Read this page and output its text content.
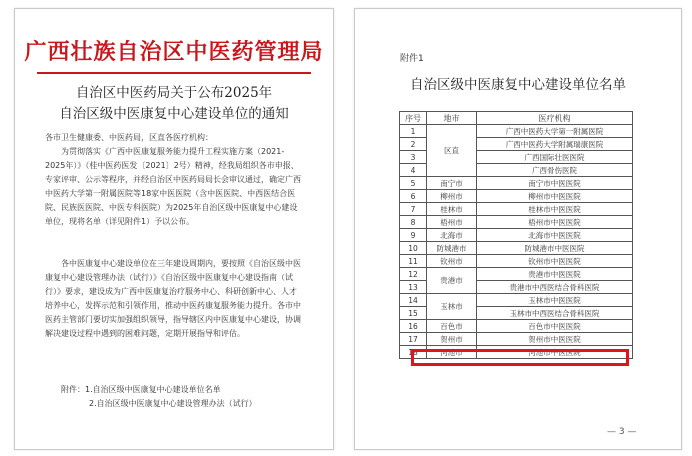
广西壮族自治区中医药管理局
自治区中医药局关于公布2025年
自治区级中医康复中心建设单位的通知

各市卫生健康委、中医药局，区直各医疗机构：

为贯彻落实《广西中医康复服务能力提升工程实施方案（2021-2025年）》（桂中医药医发〔2021〕2号）精神，经我局组织各市申报、专家评审、公示等程序，并经自治区中医药局局长会审议通过，确定广西中医药大学第一附属医院等18家中医医院（含中医医院、中西医结合医院、民族医医院、中医专科医院）为2025年自治区级中医康复中心建设单位，现将名单（详见附件1）予以公布。

各中医康复中心建设单位在三年建设周期内，要按照《自治区级中医康复中心建设管理办法（试行）》《自治区级中医康复中心建设指南（试行）》要求，建设成为广西中医康复治疗服务中心、科研创新中心、人才培养中心，发挥示范和引领作用，推动中医药康复服务能力提升。各市中医药主管部门要切实加强组织领导，指导辖区内中医康复中心建设，协调解决建设过程中遇到的困难问题，定期开展指导和评估。

附件：1.自治区级中医康复中心建设单位名单

2.自治区级中医康复中心建设管理办法（试行）

附件1
自治区级中医康复中心建设单位名单
序号	地市	医疗机构
1	区直	广西中医药大学第一附属医院
2		广西中医药大学附属瑞康医院
3		广西国际壮医医院
4		广西骨伤医院
5	南宁市	南宁市中医医院
6	柳州市	柳州市中医医院
7	桂林市	桂林市中医医院
8	梧州市	梧州市中医医院
9	北海市	北海市中医医院
10	防城港市	防城港市中医医院
11	钦州市	钦州市中医医院
12	贵港市	贵港市中医医院
13		贵港市中西医结合骨科医院
14	玉林市	玉林市中医医院
15		玉林市中西医结合骨科医院
16	百色市	百色市中医医院
17	贺州市	贺州市中医医院
18	河池市	河池市中医医院
— 3 —
